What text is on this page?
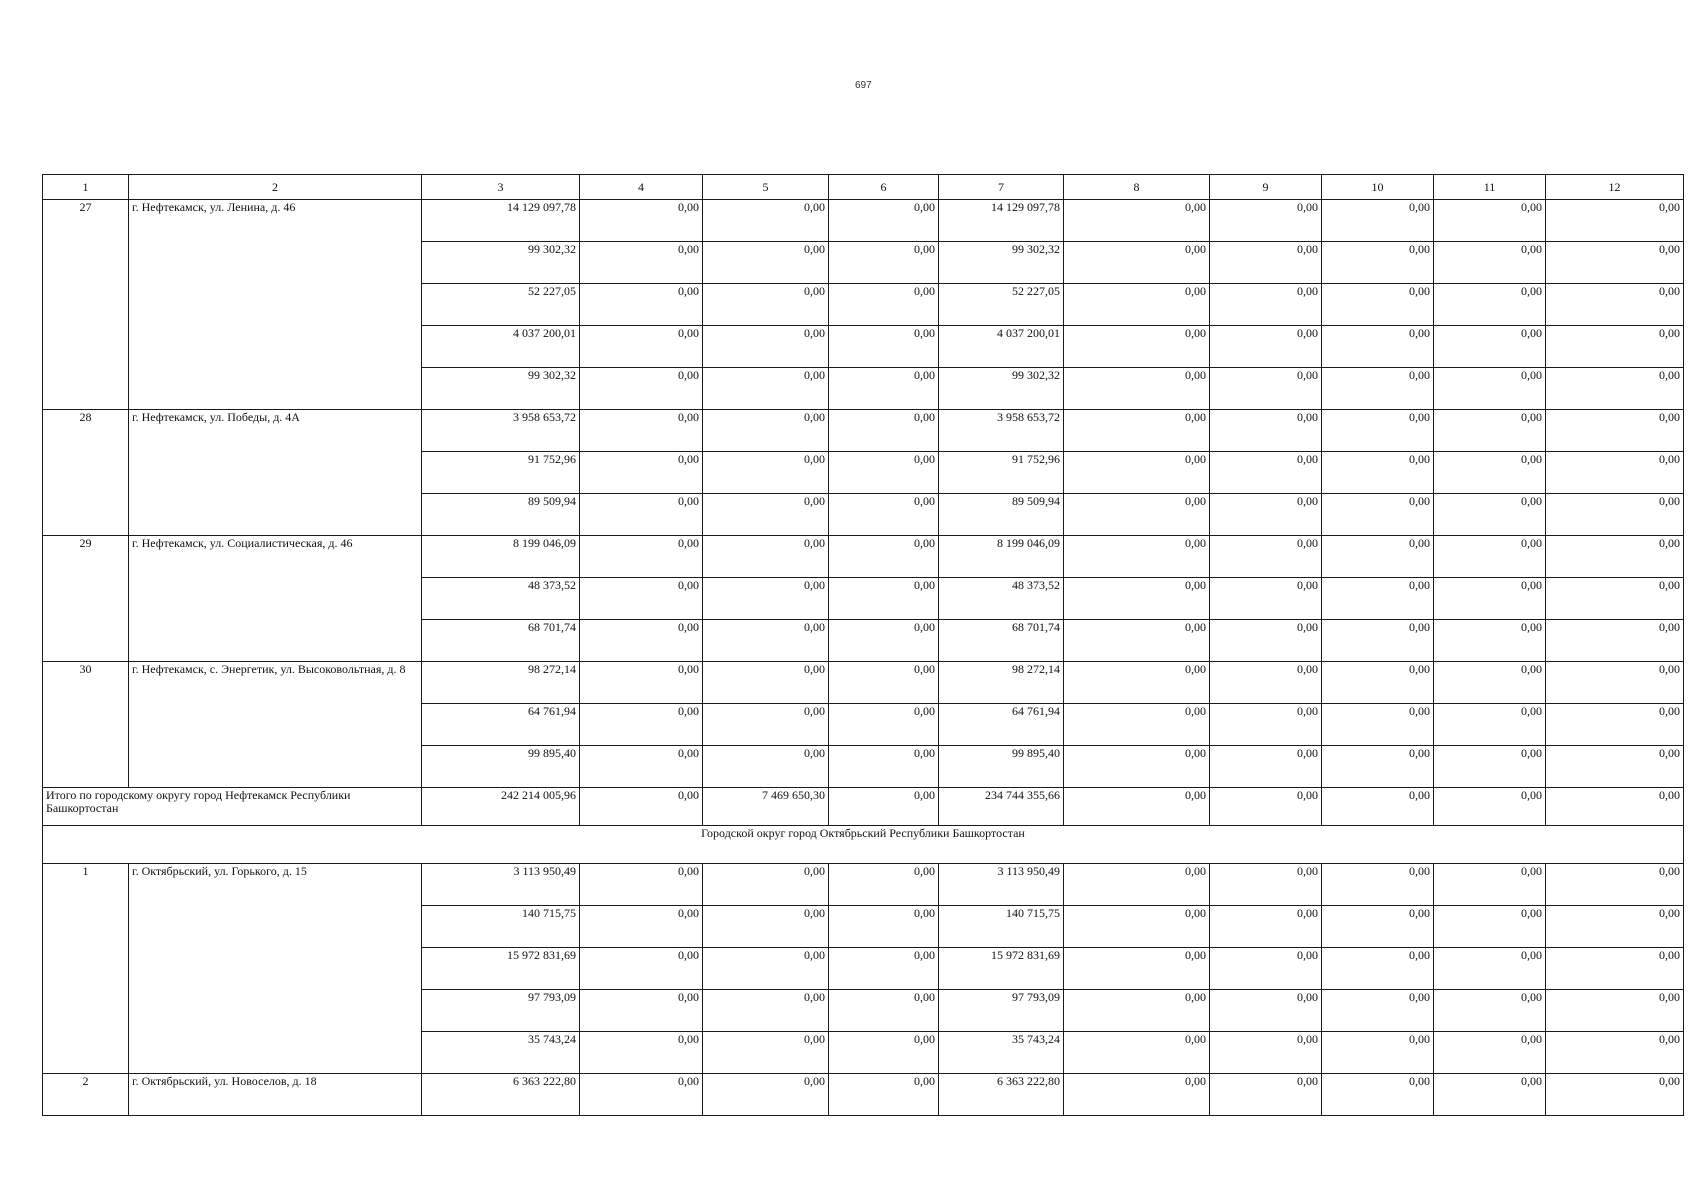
697
1	2	3	4	5	6	7	8	9	10	11	12
27	г. Нефтекамск, ул. Ленина, д. 46	14 129 097,78	0,00	0,00	0,00	14 129 097,78	0,00	0,00	0,00	0,00	0,00
		99 302,32	0,00	0,00	0,00	99 302,32	0,00	0,00	0,00	0,00	0,00
		52 227,05	0,00	0,00	0,00	52 227,05	0,00	0,00	0,00	0,00	0,00
		4 037 200,01	0,00	0,00	0,00	4 037 200,01	0,00	0,00	0,00	0,00	0,00
		99 302,32	0,00	0,00	0,00	99 302,32	0,00	0,00	0,00	0,00	0,00
28	г. Нефтекамск, ул. Победы, д. 4А	3 958 653,72	0,00	0,00	0,00	3 958 653,72	0,00	0,00	0,00	0,00	0,00
		91 752,96	0,00	0,00	0,00	91 752,96	0,00	0,00	0,00	0,00	0,00
		89 509,94	0,00	0,00	0,00	89 509,94	0,00	0,00	0,00	0,00	0,00
29	г. Нефтекамск, ул. Социалистическая, д. 46	8 199 046,09	0,00	0,00	0,00	8 199 046,09	0,00	0,00	0,00	0,00	0,00
		48 373,52	0,00	0,00	0,00	48 373,52	0,00	0,00	0,00	0,00	0,00
		68 701,74	0,00	0,00	0,00	68 701,74	0,00	0,00	0,00	0,00	0,00
30	г. Нефтекамск, с. Энергетик, ул. Высоковольтная, д. 8	98 272,14	0,00	0,00	0,00	98 272,14	0,00	0,00	0,00	0,00	0,00
		64 761,94	0,00	0,00	0,00	64 761,94	0,00	0,00	0,00	0,00	0,00
		99 895,40	0,00	0,00	0,00	99 895,40	0,00	0,00	0,00	0,00	0,00
Итого по городскому округу город Нефтекамск Республики Башкортостан		242 214 005,96	0,00	7 469 650,30	0,00	234 744 355,66	0,00	0,00	0,00	0,00	0,00
Городской округ город Октябрьский Республики Башкортостан											
1	г. Октябрьский, ул. Горького, д. 15	3 113 950,49	0,00	0,00	0,00	3 113 950,49	0,00	0,00	0,00	0,00	0,00
		140 715,75	0,00	0,00	0,00	140 715,75	0,00	0,00	0,00	0,00	0,00
		15 972 831,69	0,00	0,00	0,00	15 972 831,69	0,00	0,00	0,00	0,00	0,00
		97 793,09	0,00	0,00	0,00	97 793,09	0,00	0,00	0,00	0,00	0,00
		35 743,24	0,00	0,00	0,00	35 743,24	0,00	0,00	0,00	0,00	0,00
2	г. Октябрьский, ул. Новоселов, д. 18	6 363 222,80	0,00	0,00	0,00	6 363 222,80	0,00	0,00	0,00	0,00	0,00
